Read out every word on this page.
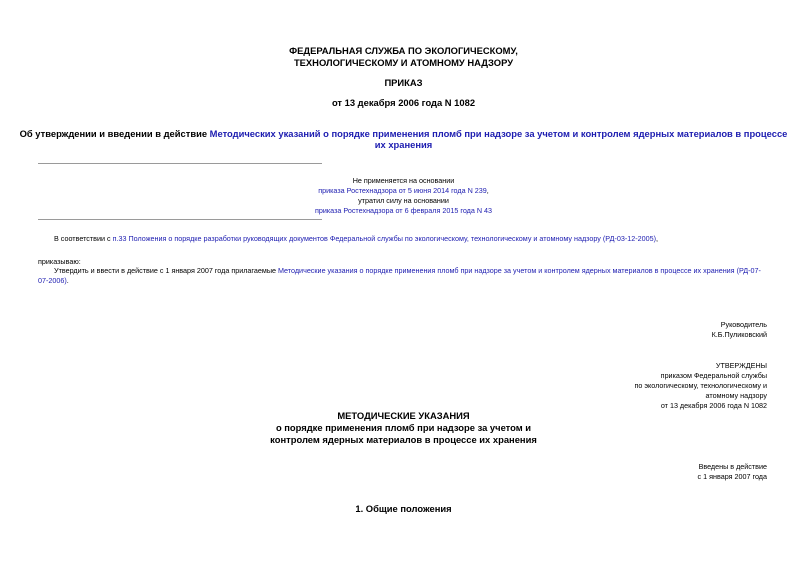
ФЕДЕРАЛЬНАЯ СЛУЖБА ПО ЭКОЛОГИЧЕСКОМУ,
ТЕХНОЛОГИЧЕСКОМУ И АТОМНОМУ НАДЗОРУ
ПРИКАЗ
от 13 декабря 2006 года N 1082
Об утверждении и введении в действие Методических указаний о порядке применения пломб при надзоре за учетом и контролем ядерных материалов в процессе
их хранения
Не применяется на основании
приказа Ростехнадзора от 5 июня 2014 года N 239,
утратил силу на основании
приказа Ростехнадзора от 6 февраля 2015 года N 43
В соответствии с п.33 Положения о порядке разработки руководящих документов Федеральной службы по экологическому, технологическому и атомному надзору (РД-03-12-2005),
приказываю:
Утвердить и ввести в действие с 1 января 2007 года прилагаемые Методические указания о порядке применения пломб при надзоре за учетом и контролем ядерных материалов в процессе их хранения (РД-07-07-2006).
Руководитель
К.Б.Пуликовский
УТВЕРЖДЕНЫ
приказом Федеральной службы
по экологическому, технологическому и
атомному надзору
от 13 декабря 2006 года N 1082
МЕТОДИЧЕСКИЕ УКАЗАНИЯ
о порядке применения пломб при надзоре за учетом и
контролем ядерных материалов в процессе их хранения
Введены в действие
с 1 января 2007 года
1. Общие положения
